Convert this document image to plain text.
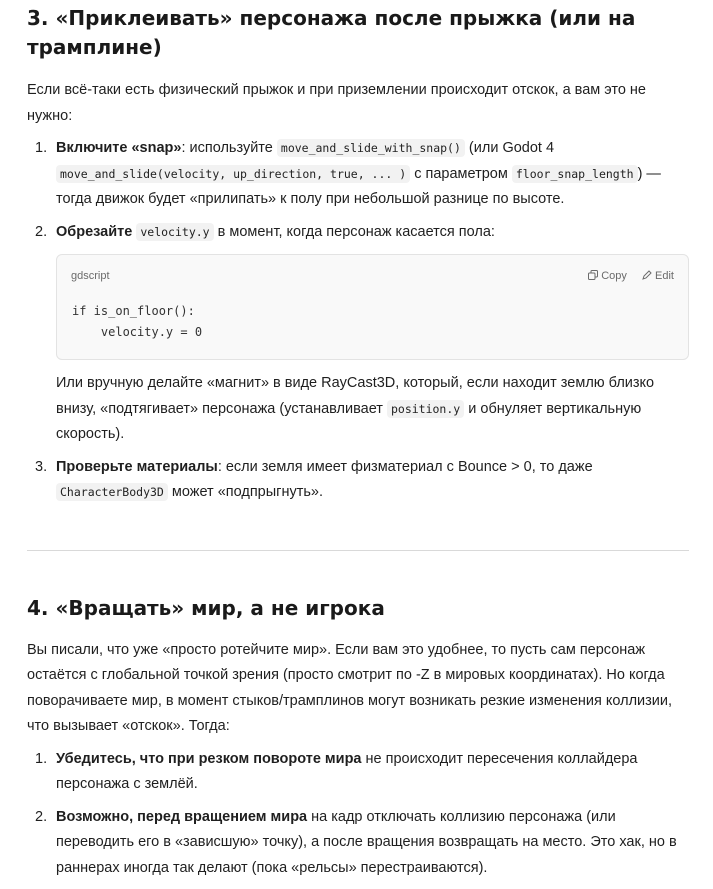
3. «Приклеивать» персонажа после прыжка (или на трамплине)

Если всё-таки есть физический прыжок и при приземлении происходит отскок, а вам это не нужно:

1. Включите «snap»: используйте move_and_slide_with_snap() (или Godot 4 move_and_slide(velocity, up_direction, true, ... ) с параметром floor_snap_length ) — тогда движок будет «прилипать» к полу при небольшой разнице по высоте.
2. Обрезайте velocity.y в момент, когда персонаж касается пола:
gdscript	Copy	Edit
if is_on_floor():
velocity.y = 0
Или вручную делайте «магнит» в виде RayCast3D, который, если находит землю близко внизу, «подтягивает» персонажа (устанавливает position.y и обнуляет вертикальную скорость).
3. Проверьте материалы: если земля имеет физматериал с Bounce > 0, то даже CharacterBody3D может «подпрыгнуть».
4. «Вращать» мир, а не игрока

Вы писали, что уже «просто ротейчите мир». Если вам это удобнее, то пусть сам персонаж остаётся с глобальной точкой зрения (просто смотрит по -Z в мировых координатах). Но когда поворачиваете мир, в момент стыков/трамплинов могут возникать резкие изменения коллизии, что вызывает «отскок». Тогда:

1. Убедитесь, что при резком повороте мира не происходит пересечения коллайдера персонажа с землёй.
2. Возможно, перед вращением мира на кадр отключать коллизию персонажа (или переводить его в «зависшую» точку), а после вращения возвращать на место. Это хак, но в раннерах иногда так делают (пока «рельсы» перестраиваются).
